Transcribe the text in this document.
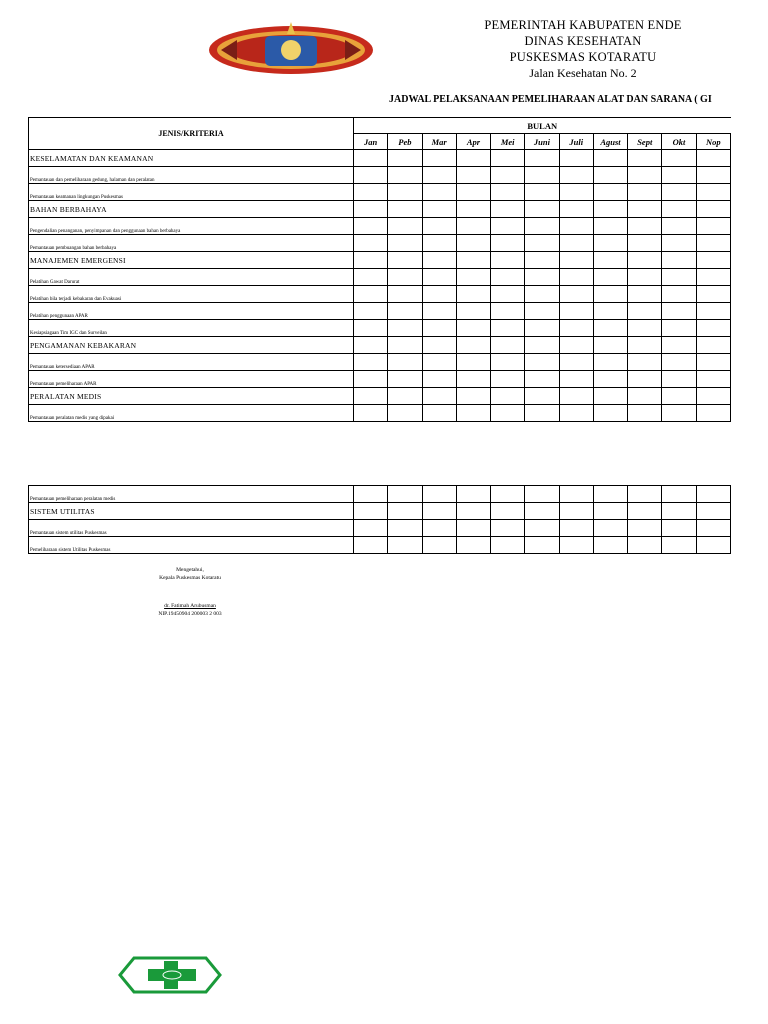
PEMERINTAH KABUPATEN ENDE
DINAS KESEHATAN
PUSKESMAS KOTARATU
Jalan Kesehatan No. 2
JADWAL PELAKSANAAN PEMELIHARAAN ALAT DAN SARANA ( GI
JENIS/KRITERIA	BULAN										
	Jan	Peb	Mar	Apr	Mei	Juni	Juli	Agust	Sept	Okt	Nop
KESELAMATAN DAN KEAMANAN											
Pemantauan dan pemeliharaan gedung, halaman dan peralatan											
Pemantauan keamanan lingkungan Puskesmas											
BAHAN BERBAHAYA											
Pengendalian penanganan, penyimpanan dan penggunaan bahan berbahaya											
Pemantauan pembuangan bahan berbahaya											
MANAJEMEN EMERGENSI											
Pelatihan Gawat Darurat											
Pelatihan bila terjadi kebakaran dan Evakuasi											
Pelatihan penggunaan APAR											
Kesiapsiagaan Tim IGC dan Surveilan											
PENGAMANAN KEBAKARAN											
Pemantauan ketersediaan APAR											
Pemantauan pemeliharaan APAR											
PERALATAN MEDIS											
Pemantauan peralatan medis yang dipakai											
Pemantauan pemeliharaan peralatan medis											
SISTEM UTILITAS											
Pemantauan sistem utilitas Puskesmas											
Pemeliharaan sistem Utilitas Puskesmas											
Mengetahui,
Kepala Puskesmas Kotaratu
dr. Fatimah Arubusman
NIP.19450904 200003 2 003
